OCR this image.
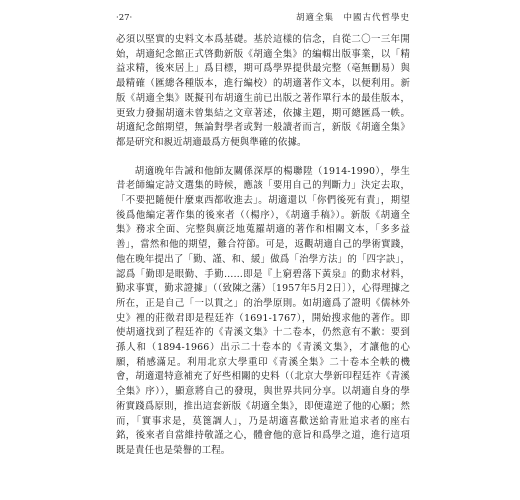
·27·	胡適全集　中國古代哲學史

必須以堅實的史料文本爲基礎。基於這樣的信念，自從二〇一三年開始，胡適紀念館正式啓動新版《胡適全集》的編輯出版事業，以「精益求精，後來居上」爲目標，期可爲學界提供最完整（亳無刪易）與最精確（匯總各種版本，進行編校）的胡適著作文本，以便利用。新版《胡適全集》既擬刊布胡適生前已出版之著作單行本的最佳版本，更致力發掘胡適未曾集結之文章著述，依據主題，期可總匯爲一帙。胡適紀念館期望，無論對學者或對一般讀者而言，新版《胡適全集》都是研究和親近胡適最爲方便與準確的依據。

胡適晚年告誡和他師友關係深厚的楊聯陞（1914-1990），學生昔老師編定詩文選集的時候，應該「要用自己的判斷力」決定去取，「不要把隨便什麼東西都收進去」。胡適還以「你們後死有責」，期望後爲他編定著作集的後來者（（楊序），《胡適手稿》）。新版《胡適全集》務求全面、完整與廣泛地蒐羅胡適的著作和相關文本，「多多益善」，當然和他的期望，難合符節。可是，返觀胡適自己的學術實踐，他在晚年提出了「勤、謹、和、緩」做爲「治學方法」的「四字訣」，認爲「勤即是眼勤、手勤……即是『上窮碧落下黃泉』的動求材料，勤求事實，勤求證據」（（致陳之藩）〔1957年5月2日〕），心得理據之所在，正是自己「一以貫之」的治學原則。如胡適爲了證明《儒林外史》裡的莊徵君即是程廷祚（1691-1767），開始搜求他的著作。即使胡適找到了程廷祚的《青溪文集》十二卷本，仍然意有不歉：要到孫人和（1894-1966）出示二十卷本的《青溪文集》，才讓他的心願，稍感滿足。利用北京大學重印《青溪全集》二十卷本全帙的機會，胡適還特意補充了好些相關的史料（（北京大學新印程廷祚《青溪全集》序）），顯意將自己的發現，與世界共同分享。以胡適自身的學術實踐爲原則，推出這套新版《胡適全集》，即便違逆了他的心願；然而，「實事求是，莫篦調人」，乃是胡適喜歡送給青壯追求者的座右銘，後來者自當維持敬謹之心，體會他的意旨和爲學之道，進行這項既是責任也是榮譽的工程。
